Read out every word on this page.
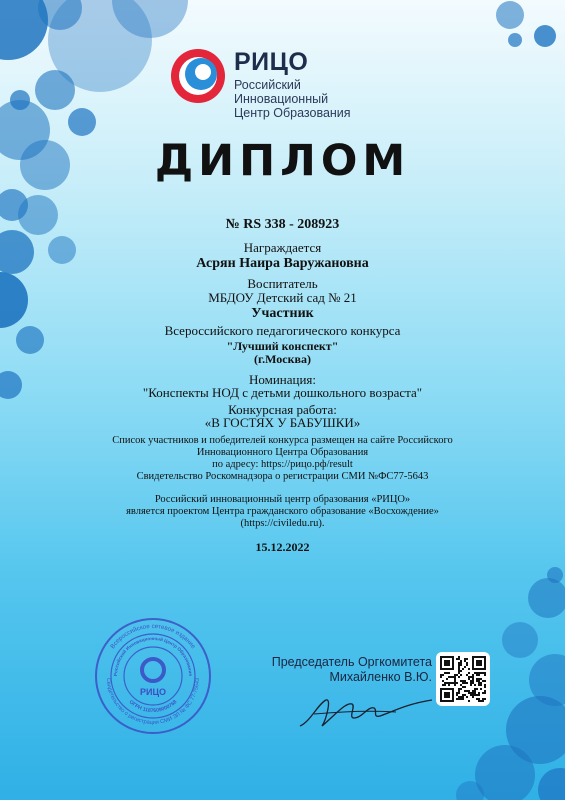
РИЦО
Российский Инновационный
Центр Образования
ДИПЛОМ
№ RS 338 - 208923
Награждается
Асрян Наира Варужановна
Воспитатель
МБДОУ Детский сад № 21
Участник
Всероссийского педагогического конкурса
"Лучший конспект"
(г.Москва)
Номинация:
"Конспекты НОД с детьми дошкольного возраста"
Конкурсная работа:
«В ГОСТЯХ У БАБУШКИ»
Список участников и победителей конкурса размещен на сайте Российского
Инновационного Центра Образования
по адресу: https://рицо.рф/result
Свидетельство Роскомнадзора о регистрации СМИ №ФС77-5643
Российский инновационный центр образования «РИЦО»
является проектом Центра гражданского образование «Восхождение»
(https://civiledu.ru).
15.12.2022
Всероссийское сетевое издание
Свидетельство о регистрации СМИ ЭЛ № ФС 77-75643
Российский Инновационный Центр Образования
ОГРН 1187609000768
РИЦО
Председатель Оргкомитета
Михайленко В.Ю.
